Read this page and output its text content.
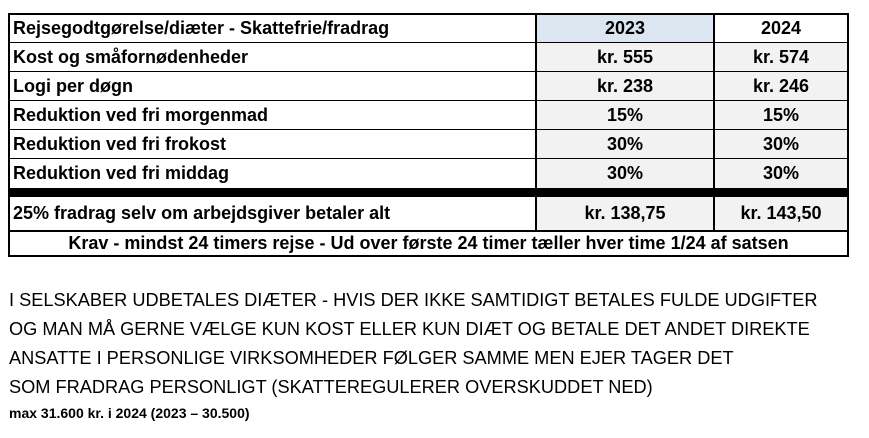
Rejsegodtgørelse/diæter - Skattefrie/fradrag	2023	2024
Kost og småfornødenheder	kr. 555	kr. 574
Logi per døgn	kr. 238	kr. 246
Reduktion ved fri morgenmad	15%	15%
Reduktion ved fri frokost	30%	30%
Reduktion ved fri middag	30%	30%
25% fradrag selv om arbejdsgiver betaler alt	kr. 138,75	kr. 143,50
Krav - mindst 24 timers rejse - Ud over første 24 timer tæller hver time 1/24 af satsen
I SELSKABER UDBETALES DIÆTER - HVIS DER IKKE SAMTIDIGT BETALES FULDE UDGIFTER
OG MAN MÅ GERNE VÆLGE KUN KOST ELLER KUN DIÆT OG BETALE DET ANDET DIREKTE
ANSATTE I PERSONLIGE VIRKSOMHEDER FØLGER SAMME MEN EJER TAGER DET
SOM FRADRAG PERSONLIGT (SKATTEREGULERER OVERSKUDDET NED)
max 31.600 kr. i 2024 (2023 – 30.500)
